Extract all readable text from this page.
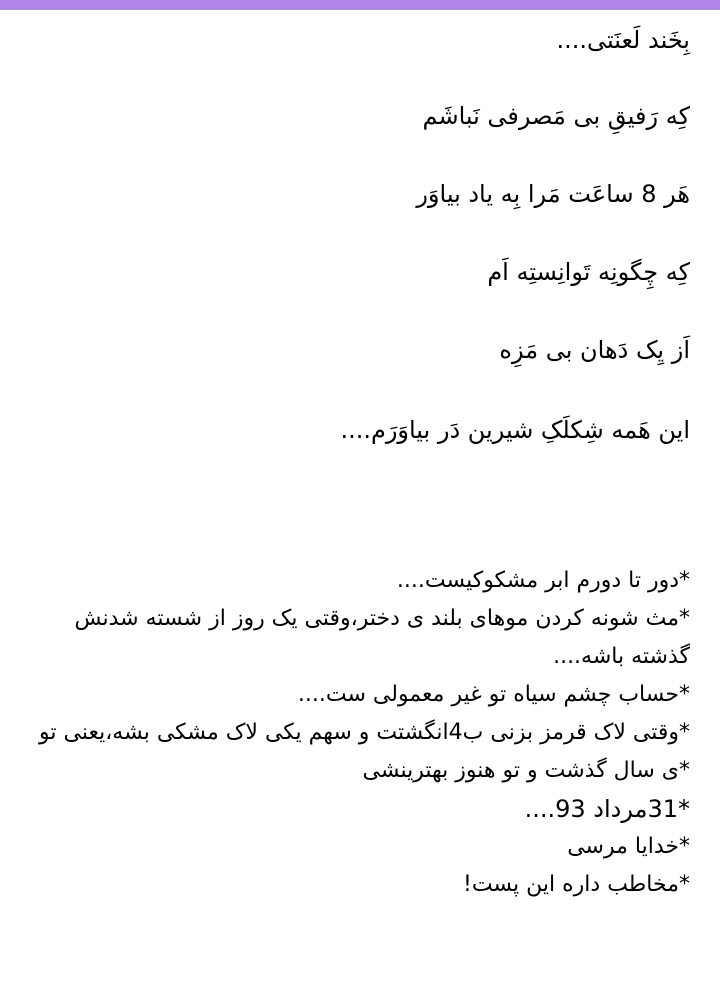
بِخَند لَعنَتی....
کِه رَفیقِ بی مَصرفی نَباشَم
هَر 8 ساعَت مَرا بِه یاد بیاوَر
کِه چِگونِه تَوانِستِه اَم
اَز یِک دَهان بی مَزِه
این هَمه شِکلَکِ شیرین دَر بیاوَرَم....

*دور تا دورم ابر مشکوکیست....

*مث شونه کردن موهای بلند ی دختر،وقتی یک روز از شسته شدنش گذشته باشه....

*حساب چشم سیاه تو غیر معمولی ست....

*وقتی لاک قرمز بزنی ب4انگشتت و سهم یکی لاک مشکی بشه،یعنی تو

*ی سال گذشت و تو هنوز بهترینشی

*31مرداد 93....

*خدایا مرسی

*مخاطب داره این پست!
